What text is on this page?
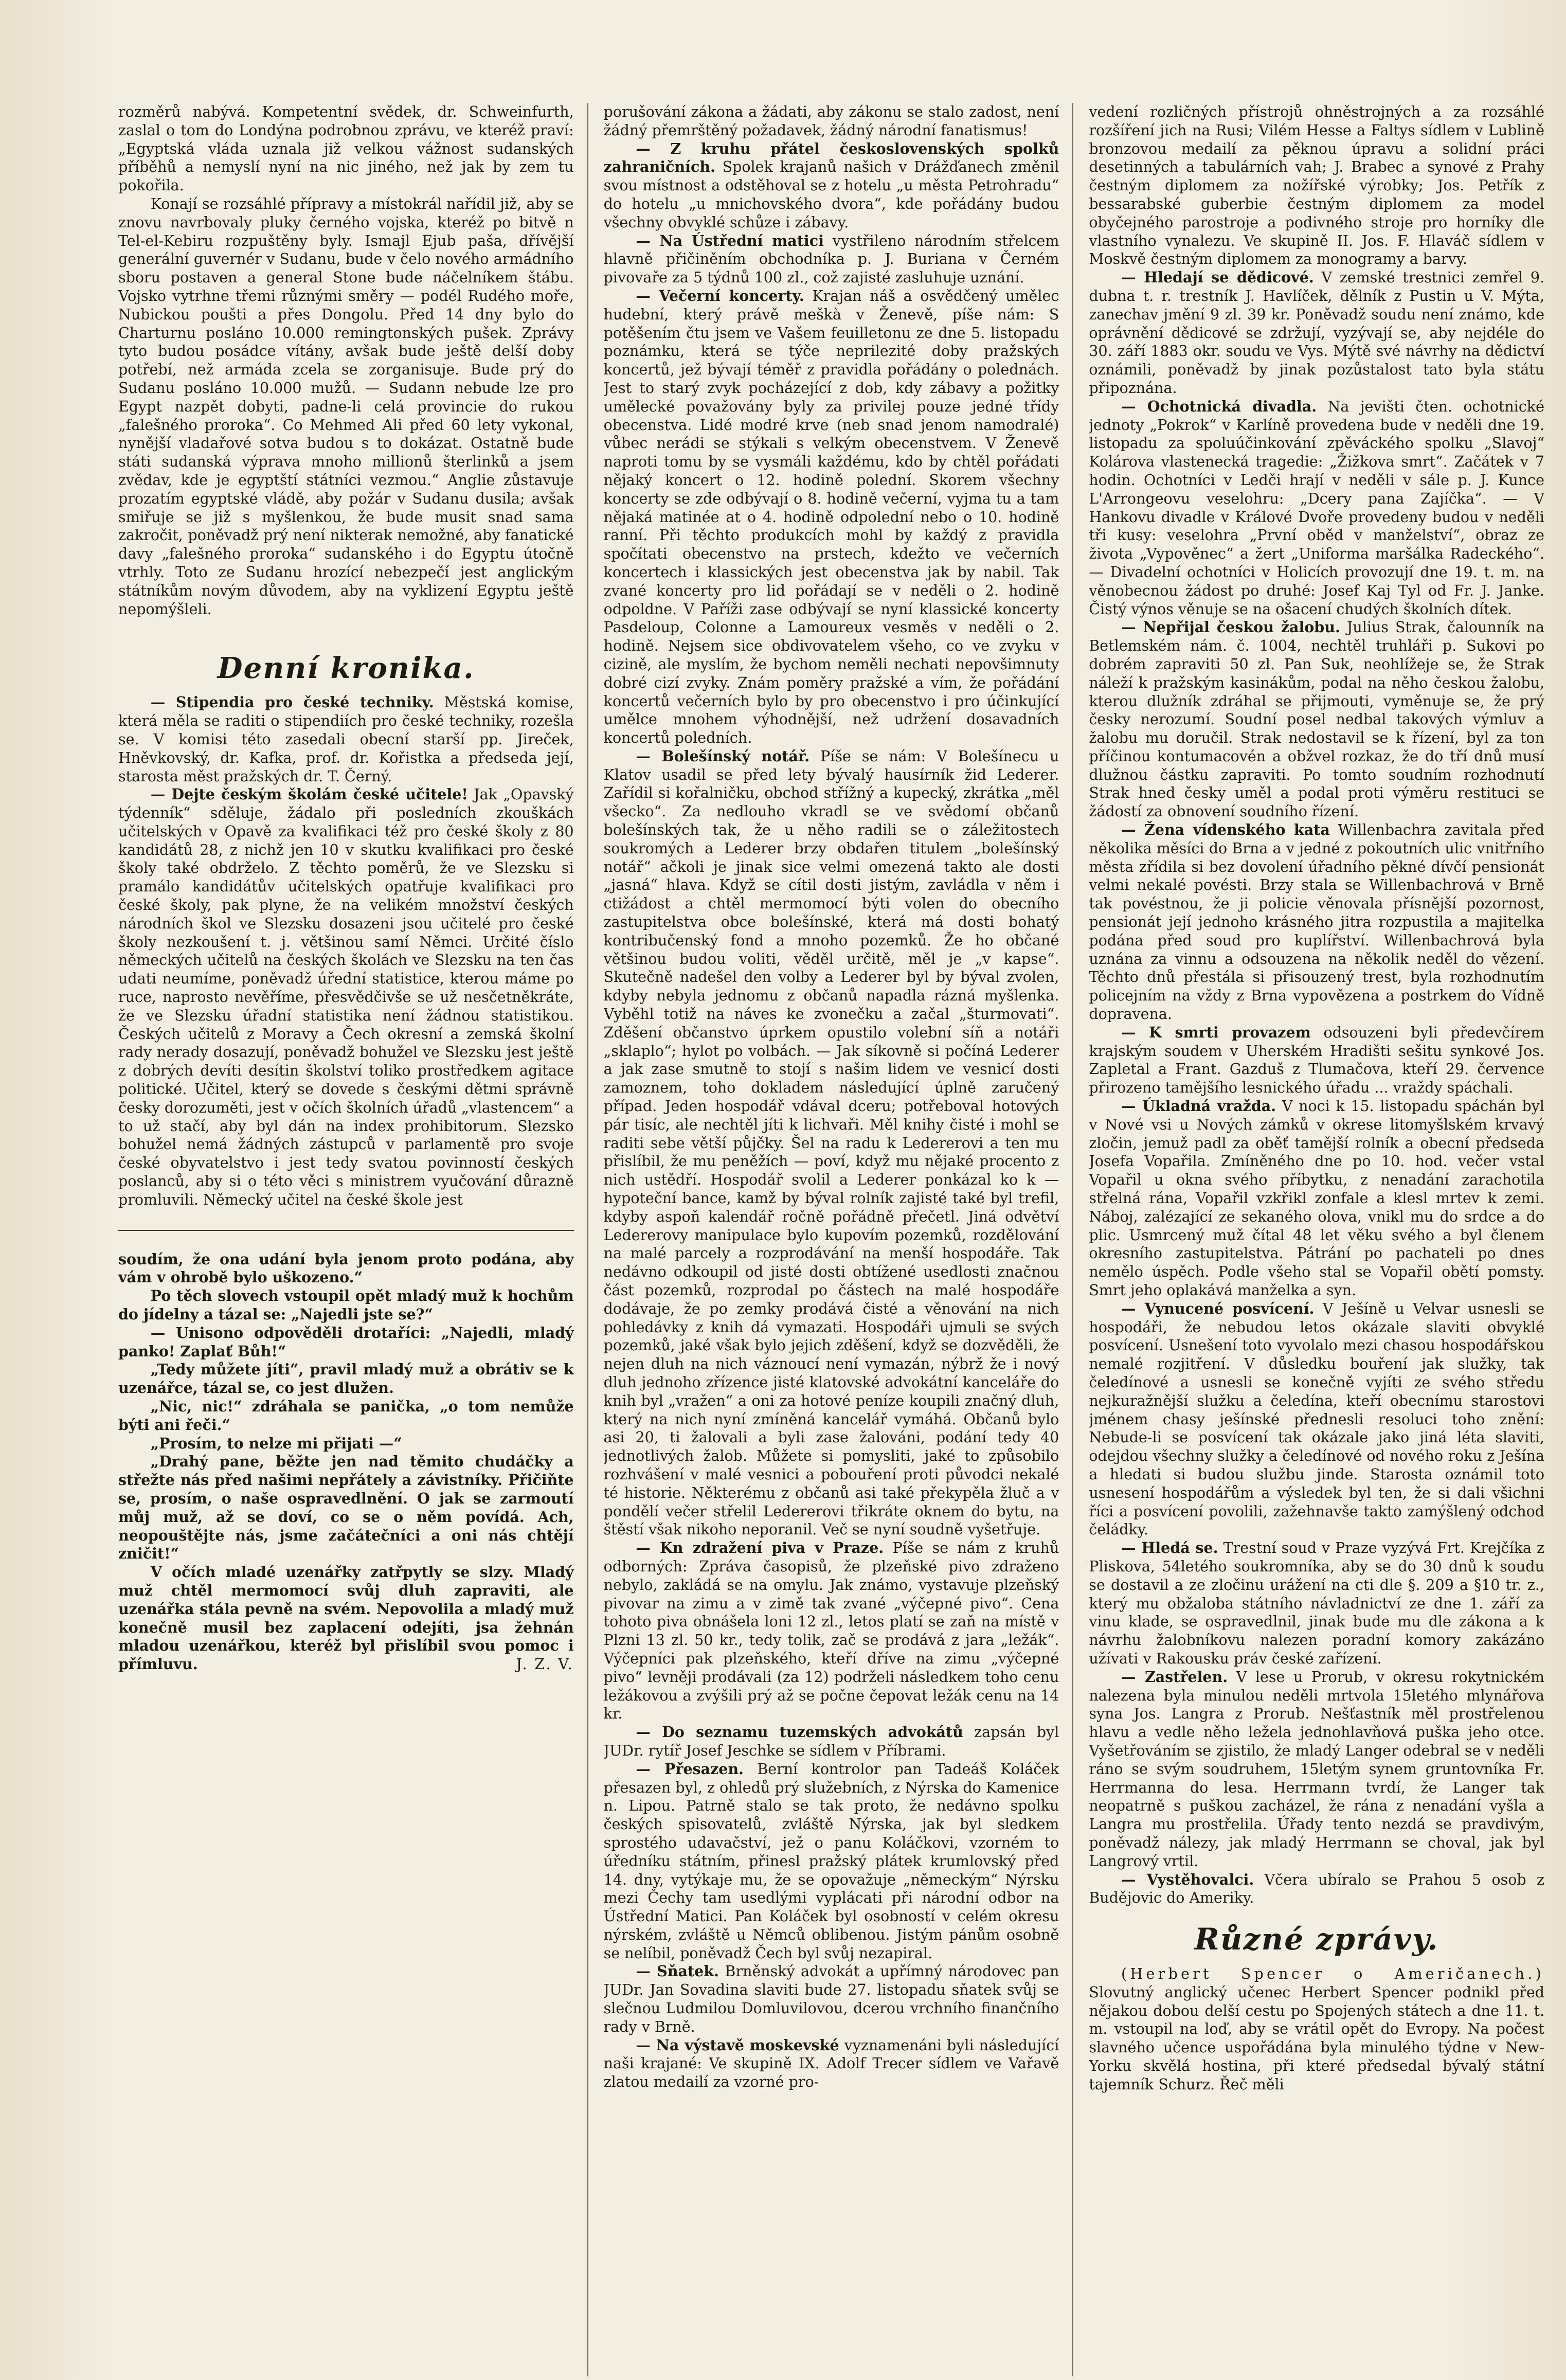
rozměrů nabývá. Kompetentní svědek, dr. Schweinfurth, zaslal o tom do Londýna podrobnou zprávu, ve kteréž praví: „Egyptská vláda uznala již velkou vážnost sudanských příběhů a nemyslí nyní na nic jiného, než jak by zem tu pokořila.

Konají se rozsáhlé přípravy a místokrál nařídil již, aby se znovu navrbovaly pluky černého vojska, kteréž po bitvě n Tel-el-Kebiru rozpuštěny byly. Ismajl Ejub paša, dřívější generální guvernér v Sudanu, bude v čelo nového armádního sboru postaven a general Stone bude náčelníkem štábu. Vojsko vytrhne třemi různými směry — podél Rudého moře, Nubickou poušti a přes Dongolu. Před 14 dny bylo do Charturnu posláno 10.000 remingtonských pušek. Zprávy tyto budou posádce vítány, avšak bude ještě delší doby potřebí, než armáda zcela se zorganisuje. Bude prý do Sudanu posláno 10.000 mužů. — Sudann nebude lze pro Egypt nazpět dobyti, padne-li celá provincie do rukou „falešného proroka“. Co Mehmed Ali před 60 lety vykonal, nynější vladařové sotva budou s to dokázat. Ostatně bude státi sudanská výprava mnoho millionů šterlinků a jsem zvědav, kde je egyptští státníci vezmou.“ Anglie zůstavuje prozatím egyptské vládě, aby požár v Sudanu dusila; avšak smiřuje se již s myšlenkou, že bude musit snad sama zakročit, poněvadž prý není nikterak nemožné, aby fanatické davy „falešného proroka“ sudanského i do Egyptu útočně vtrhly. Toto ze Sudanu hrozící nebezpečí jest anglickým státníkům novým důvodem, aby na vyklizení Egyptu ještě nepomýšleli.

Denní kronika.

— Stipendia pro české techniky. Městská komise, která měla se raditi o stipendiích pro české techniky, rozešla se. V komisi této zasedali obecní starší pp. Jireček, Hněvkovský, dr. Kafka, prof. dr. Kořistka a předseda její, starosta měst pražských dr. T. Černý.

— Dejte českým školám české učitele! Jak „Opavský týdenník“ sděluje, žádalo při posledních zkouškách učitelských v Opavě za kvalifikaci též pro české školy z 80 kandidátů 28, z nichž jen 10 v skutku kvalifikaci pro české školy také obdrželo. Z těchto poměrů, že ve Slezsku si pramálo kandidátův učitelských opatřuje kvalifikaci pro české školy, pak plyne, že na velikém množství českých národních škol ve Slezsku dosazeni jsou učitelé pro české školy nezkoušení t. j. většinou samí Němci. Určité číslo německých učitelů na českých školách ve Slezsku na ten čas udati neumíme, poněvadž úřední statistice, kterou máme po ruce, naprosto nevěříme, přesvědčivše se už nesčetněkráte, že ve Slezsku úřadní statistika není žádnou statistikou. Českých učitelů z Moravy a Čech okresní a zemská školní rady nerady dosazují, poněvadž bohužel ve Slezsku jest ještě z dobrých devíti desítin školství toliko prostředkem agitace politické. Učitel, který se dovede s českými dětmi správně česky dorozuměti, jest v očích školních úřadů „vlastencem“ a to už stačí, aby byl dán na index prohibitorum. Slezsko bohužel nemá žádných zástupců v parlamentě pro svoje české obyvatelstvo i jest tedy svatou povinností českých poslanců, aby si o této věci s ministrem vyučování důrazně promluvili. Německý učitel na české škole jest

soudím, že ona udání byla jenom proto podána, aby vám v ohrobě bylo uškozeno.“

Po těch slovech vstoupil opět mladý muž k hochům do jídelny a tázal se: „Najedli jste se?“

— Unisono odpověděli drotaříci: „Najedli, mladý panko! Zaplať Bůh!“

„Tedy můžete jíti“, pravil mladý muž a obrátiv se k uzenářce, tázal se, co jest dlužen.

„Nic, nic!“ zdráhala se panička, „o tom nemůže býti ani řeči.“

„Prosím, to nelze mi přijati —“

„Drahý pane, běžte jen nad těmito chudáčky a střežte nás před našimi nepřátely a závistníky. Přičiňte se, prosím, o naše ospravedlnění. O jak se zarmoutí můj muž, až se doví, co se o něm povídá. Ach, neopouštějte nás, jsme začátečníci a oni nás chtějí zničit!“

V očích mladé uzenářky zatřpytly se slzy. Mladý muž chtěl mermomocí svůj dluh zapraviti, ale uzenářka stála pevně na svém. Nepovolila a mladý muž konečně musil bez zaplacení odejíti, jsa žehnán mladou uzenářkou, kteréž byl přislíbil svou pomoc i přímluvu.	J. Z. V.

porušování zákona a žádati, aby zákonu se stalo zadost, není žádný přemrštěný požadavek, žádný národní fanatismus!

— Z kruhu přátel československých spolků zahraničních. Spolek krajanů našich v Drážďanech změnil svou místnost a odstěhoval se z hotelu „u města Petrohradu“ do hotelu „u mnichovského dvora“, kde pořádány budou všechny obvyklé schůze i zábavy.

— Na Ústřední matici vystřileno národním střelcem hlavně přičiněním obchodníka p. J. Buriana v Černém pivovaře za 5 týdnů 100 zl., což zajisté zasluhuje uznání.

— Večerní koncerty. Krajan náš a osvědčený umělec hudební, který právě meškà v Ženevě, píše nám: S potěšením čtu jsem ve Vašem feuilletonu ze dne 5. listopadu poznámku, která se týče neprilezité doby pražských koncertů, jež bývají téměř z pravidla pořádány o polednách. Jest to starý zvyk pocházející z dob, kdy zábavy a požitky umělecké považovány byly za privilej pouze jedné třídy obecenstva. Lidé modré krve (neb snad jenom namodralé) vůbec nerádi se stýkali s velkým obecenstvem. V Ženevě naproti tomu by se vysmáli každému, kdo by chtěl pořádati nějaký koncert o 12. hodině polední. Skorem všechny koncerty se zde odbývají o 8. hodině večerní, vyjma tu a tam nějaká matinée at o 4. hodině odpolední nebo o 10. hodině ranní. Při těchto produkcích mohl by každý z pravidla spočítati obecenstvo na prstech, kdežto ve večerních koncertech i klassických jest obecenstva jak by nabil. Tak zvané koncerty pro lid pořádají se v neděli o 2. hodině odpoldne. V Paříži zase odbývají se nyní klassické koncerty Pasdeloup, Colonne a Lamoureux vesměs v neděli o 2. hodině. Nejsem sice obdivovatelem všeho, co ve zvyku v cizině, ale myslím, že bychom neměli nechati nepovšimnuty dobré cizí zvyky. Znám poměry pražské a vím, že pořádání koncertů večerních bylo by pro obecenstvo i pro účinkující umělce mnohem výhodnější, než udržení dosavadních koncertů poledních.

— Bolešínský notář. Píše se nám: V Bolešínecu u Klatov usadil se před lety bývalý hausírník žid Lederer. Zařídil si kořalničku, obchod střížný a kupecký, zkrátka „měl všecko“. Za nedlouho vkradl se ve svědomí občanů bolešínských tak, že u něho radili se o záležitostech soukromých a Lederer brzy obdařen titulem „bolešínský notář“ ačkoli je jinak sice velmi omezená takto ale dosti „jasná“ hlava. Když se cítil dosti jistým, zavládla v něm i ctižádost a chtěl mermomocí býti volen do obecního zastupitelstva obce bolešínské, která má dosti bohatý kontribučenský fond a mnoho pozemků. Že ho občané většinou budou voliti, věděl určitě, měl je „v kapse“. Skutečně nadešel den volby a Lederer byl by býval zvolen, kdyby nebyla jednomu z občanů napadla rázná myšlenka. Vyběhl totiž na náves ke zvonečku a začal „šturmovati“. Zděšení občanstvo úprkem opustilo volební síň a notáři „sklaplo“; hylot po volbách. — Jak síkovně si počíná Lederer a jak zase smutně to stojí s našim lidem ve vesnicí dosti zamoznem, toho dokladem následující úplně zaručený případ. Jeden hospodář vdával dceru; potřeboval hotových pár tisíc, ale nechtěl jíti k lichvaři. Měl knihy čisté i mohl se raditi sebe větší půjčky. Šel na radu k Ledererovi a ten mu přislíbil, že mu peněžích — poví, když mu nějaké procento z nich ustědří. Hospodář svolil a Lederer ponkázal ko k — hypoteční bance, kamž by býval rolník zajisté také byl trefil, kdyby aspoň kalendář ročně pořádně přečetl. Jiná odvětví Ledererovy manipulace bylo kupovím pozemků, rozdělování na malé parcely a rozprodávání na menší hospodáře. Tak nedávno odkoupil od jisté dosti obtížené usedlosti značnou část pozemků, rozprodal po částech na malé hospodáře dodávaje, že po zemky prodává čisté a věnování na nich pohledávky z knih dá vymazati. Hospodáři ujmuli se svých pozemků, jaké však bylo jejich zděšení, když se dozvěděli, že nejen dluh na nich váznoucí není vymazán, nýbrž že i nový dluh jednoho zřízence jisté klatovské advokátní kanceláře do knih byl „vražen“ a oni za hotové peníze koupili značný dluh, který na nich nyní zmíněná kancelář vymáhá. Občanů bylo asi 20, ti žalovali a byli zase žalováni, podání tedy 40 jednotlivých žalob. Můžete si pomysliti, jaké to způsobilo rozhvášení v malé vesnici a pobouření proti původci nekalé té historie. Některému z občanů asi také překypěla žluč a v pondělí večer střelil Ledererovi třikráte oknem do bytu, na štěstí však nikoho neporanil. Več se nyní soudně vyšetřuje.

— Kn zdražení piva v Praze. Píše se nám z kruhů odborných: Zpráva časopisů, že plzeňské pivo zdraženo nebylo, zakládá se na omylu. Jak známo, vystavuje plzeňský pivovar na zimu a v zimě tak zvané „výčepné pivo“. Cena tohoto piva obnášela loni 12 zl., letos platí se zaň na místě v Plzni 13 zl. 50 kr., tedy tolik, zač se prodává z jara „ležák“. Výčepníci pak plzeňského, kteří dříve na zimu „výčepné pivo“ levněji prodávali (za 12) podrželi následkem toho cenu ležákovou a zvýšili prý až se počne čepovat ležák cenu na 14 kr.

— Do seznamu tuzemských advokátů zapsán byl JUDr. rytíř Josef Jeschke se sídlem v Příbrami.

— Přesazen. Berní kontrolor pan Tadeáš Koláček přesazen byl, z ohledů prý služebních, z Nýrska do Kamenice n. Lipou. Patrně stalo se tak proto, že nedávno spolku českých spisovatelů, zvláště Nýrska, jak byl sledkem sprostého udavačství, jež o panu Koláčkovi, vzorném to úředníku státním, přinesl pražský plátek krumlovský před 14. dny, vytýkaje mu, že se opovažuje „německým“ Nýrsku mezi Čechy tam usedlými vyplácati při národní odbor na Ústřední Matici. Pan Koláček byl osobností v celém okresu nýrském, zvláště u Němců oblibenou. Jistým pánům osobně se nelíbil, poněvadž Čech byl svůj nezapiral.

— Sňatek. Brněnský advokát a upřímný národovec pan JUDr. Jan Sovadina slaviti bude 27. listopadu sňatek svůj se slečnou Ludmilou Domluvilovou, dcerou vrchního finančního rady v Brně.

— Na výstavě moskevské vyznamenáni byli následující naši krajané: Ve skupině IX. Adolf Trecer sídlem ve Vařavě zlatou medailí za vzorné pro-

vedení rozličných přístrojů ohněstrojných a za rozsáhlé rozšíření jich na Rusi; Vilém Hesse a Faltys sídlem v Lublině bronzovou medailí za pěknou úpravu a solidní práci desetinných a tabulárních vah; J. Brabec a synové z Prahy čestným diplomem za nožířské výrobky; Jos. Petřík z bessarabské guberbie čestným diplomem za model obyčejného parostroje a podivného stroje pro horníky dle vlastního vynalezu. Ve skupině II. Jos. F. Hlaváč sídlem v Moskvě čestným diplomem za monogramy a barvy.

— Hledají se dědicové. V zemské trestnici zemřel 9. dubna t. r. trestník J. Havlíček, dělník z Pustin u V. Mýta, zanechav jmění 9 zl. 39 kr. Poněvadž soudu není známo, kde oprávnění dědicové se zdržují, vyzývají se, aby nejdéle do 30. září 1883 okr. soudu ve Vys. Mýtě své návrhy na dědictví oznámili, poněvadž by jinak pozůstalost tato byla státu připoznána.

— Ochotnická divadla. Na jevišti čten. ochotnické jednoty „Pokrok“ v Karlíně provedena bude v neděli dne 19. listopadu za spoluúčinkování zpěváckého spolku „Slavoj“ Kolárova vlastenecká tragedie: „Žižkova smrt“. Začátek v 7 hodin. Ochotníci v Ledči hrají v neděli v sále p. J. Kunce L'Arrongeovu veselohru: „Dcery pana Zajíčka“. — V Hankovu divadle v Králové Dvoře provedeny budou v neděli tři kusy: veselohra „První oběd v manželství“, obraz ze života „Vypověnec“ a žert „Uniforma maršálka Radeckého“. — Divadelní ochotníci v Holicích provozují dne 19. t. m. na věnobecnou žádost po druhé: Josef Kaj Tyl od Fr. J. Janke. Čistý výnos věnuje se na ošacení chudých školních dítek.

— Nepřijal českou žalobu. Julius Strak, čalounník na Betlemském nám. č. 1004, nechtěl truhláři p. Sukovi po dobrém zapraviti 50 zl. Pan Suk, neohlížeje se, že Strak náleží k pražským kasinákům, podal na něho českou žalobu, kterou dlužník zdráhal se přijmouti, vyměnuje se, že prý česky nerozumí. Soudní posel nedbal takových výmluv a žalobu mu doručil. Strak nedostavil se k řízení, byl za ton příčinou kontumacovén a obžvel rozkaz, že do tří dnů musí dlužnou částku zapraviti. Po tomto soudním rozhodnutí Strak hned česky uměl a podal proti výměru restituci se žádostí za obnovení soudního řízení.

— Žena vídenského kata Willenbachra zavitala před několika měsíci do Brna a v jedné z pokoutních ulic vnitřního města zřídila si bez dovolení úřadního pěkné dívčí pensionát velmi nekalé povésti. Brzy stala se Willenbachrová v Brně tak povéstnou, že ji policie věnovala přísnější pozornost, pensionát její jednoho krásného jitra rozpustila a majitelka podána před soud pro kuplířství. Willenbachrová byla uznána za vinnu a odsouzena na několik neděl do vězení. Těchto dnů přestála si přisouzený trest, byla rozhodnutím policejním na vždy z Brna vypovězena a postrkem do Vídně dopravena.

— K smrti provazem odsouzeni byli předevčírem krajským soudem v Uherském Hradišti sešitu synkové Jos. Zapletal a Frant. Gazduš z Tlumačova, kteří 29. července přirozeno tamějšího lesnického úřadu ... vraždy spáchali.

— Úkladná vražda. V noci k 15. listopadu spáchán byl v Nové vsi u Nových zámků v okrese litomyšlském krvavý zločin, jemuž padl za oběť tamější rolník a obecní předseda Josefa Vopařila. Zmíněného dne po 10. hod. večer vstal Vopařil u okna svého příbytku, z nenadání zarachotila střelná rána, Vopařil vzkřikl zonfale a klesl mrtev k zemi. Náboj, zalézající ze sekaného olova, vnikl mu do srdce a do plic. Usmrcený muž čítal 48 let věku svého a byl členem okresního zastupitelstva. Pátrání po pachateli po dnes nemělo úspěch. Podle všeho stal se Vopařil obětí pomsty. Smrt jeho oplakává manželka a syn.

— Vynucené posvícení. V Ješíně u Velvar usnesli se hospodáři, že nebudou letos okázale slaviti obvyklé posvícení. Usnešení toto vyvolalo mezi chasou hospodářskou nemalé rozjitření. V důsledku bouření jak služky, tak čeledínové a usnesli se konečně vyjíti ze svého středu nejkuražnější služku a čeledína, kteří obecnímu starostovi jménem chasy ješínské přednesli resoluci toho znění: Nebude-li se posvícení tak okázale jako jiná léta slaviti, odejdou všechny služky a čeledínové od nového roku z Ješína a hledati si budou službu jinde. Starosta oznámil toto usnesení hospodářům a výsledek byl ten, že si dali všichni říci a posvícení povolili, zažehnavše takto zamýšlený odchod čeládky.

— Hledá se. Trestní soud v Praze vyzývá Frt. Krejčíka z Pliskova, 54letého soukromníka, aby se do 30 dnů k soudu se dostavil a ze zločinu urážení na cti dle §. 209 a §10 tr. z., který mu obžaloba státního návladnictví ze dne 1. září za vinu klade, se ospravedlnil, jinak bude mu dle zákona a k návrhu žalobníkovu nalezen poradní komory zakázáno užívati v Rakousku práv české zařízení.

— Zastřelen. V lese u Prorub, v okresu rokytnickém nalezena byla minulou neděli mrtvola 15letého mlynářova syna Jos. Langra z Prorub. Nešťastník měl prostřelenou hlavu a vedle něho ležela jednohlavňová puška jeho otce. Vyšetřováním se zjistilo, že mladý Langer odebral se v neděli ráno se svým soudruhem, 15letým synem gruntovníka Fr. Herrmanna do lesa. Herrmann tvrdí, že Langer tak neopatrně s puškou zacházel, že rána z nenadání vyšla a Langra mu prostřelila. Úřady tento nezdá se pravdivým, poněvadž nálezy, jak mladý Herrmann se choval, jak byl Langrový vrtil.

— Vystěhovalci. Včera ubíralo se Prahou 5 osob z Budějovic do Ameriky.

Různé zprávy.

(Herbert Spencer o Američanech.) Slovutný anglický učenec Herbert Spencer podnikl před nějakou dobou delší cestu po Spojených státech a dne 11. t. m. vstoupil na loď, aby se vrátil opět do Evropy. Na počest slavného učence uspořádána byla minulého týdne v New-Yorku skvělá hostina, při které předsedal bývalý státní tajemník Schurz. Řeč měli
